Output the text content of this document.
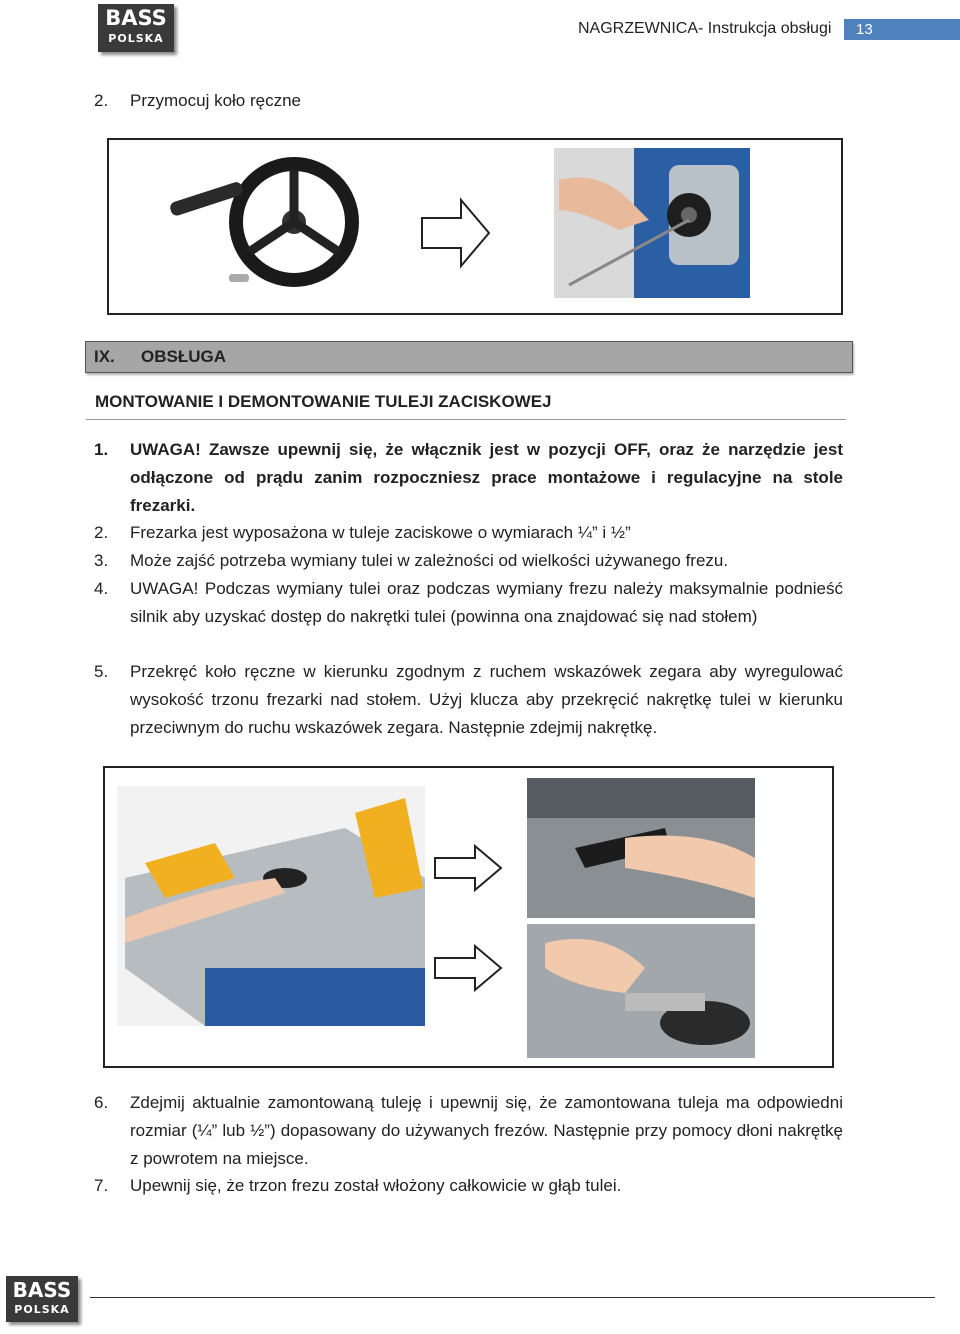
BASS
POLSKA
NAGRZEWNICA- Instrukcja obsługi	13
2. Przymocuj koło ręczne
IX. OBSŁUGA
MONTOWANIE I DEMONTOWANIE TULEJI ZACISKOWEJ
1. UWAGA! Zawsze upewnij się, że włącznik jest w pozycji OFF, oraz że narzędzie jest odłączone od prądu zanim rozpoczniesz prace montażowe i regulacyjne na stole frezarki.
2. Frezarka jest wyposażona w tuleje zaciskowe o wymiarach ¼” i ½”
3. Może zajść potrzeba wymiany tulei w zależności od wielkości używanego frezu.
4. UWAGA! Podczas wymiany tulei oraz podczas wymiany frezu należy maksymalnie podnieść silnik aby uzyskać dostęp do nakrętki tulei (powinna ona znajdować się nad stołem)
5. Przekręć koło ręczne w kierunku zgodnym z ruchem wskazówek zegara aby wyregulować wysokość trzonu frezarki nad stołem. Użyj klucza aby przekręcić nakrętkę tulei w kierunku przeciwnym do ruchu wskazówek zegara. Następnie zdejmij nakrętkę.
6. Zdejmij aktualnie zamontowaną tuleję i upewnij się, że zamontowana tuleja ma odpowiedni rozmiar (¼” lub ½”) dopasowany do używanych frezów. Następnie przy pomocy dłoni nakrętkę z powrotem na miejsce.
7. Upewnij się, że trzon frezu został włożony całkowicie w głąb tulei.
BASS
POLSKA
